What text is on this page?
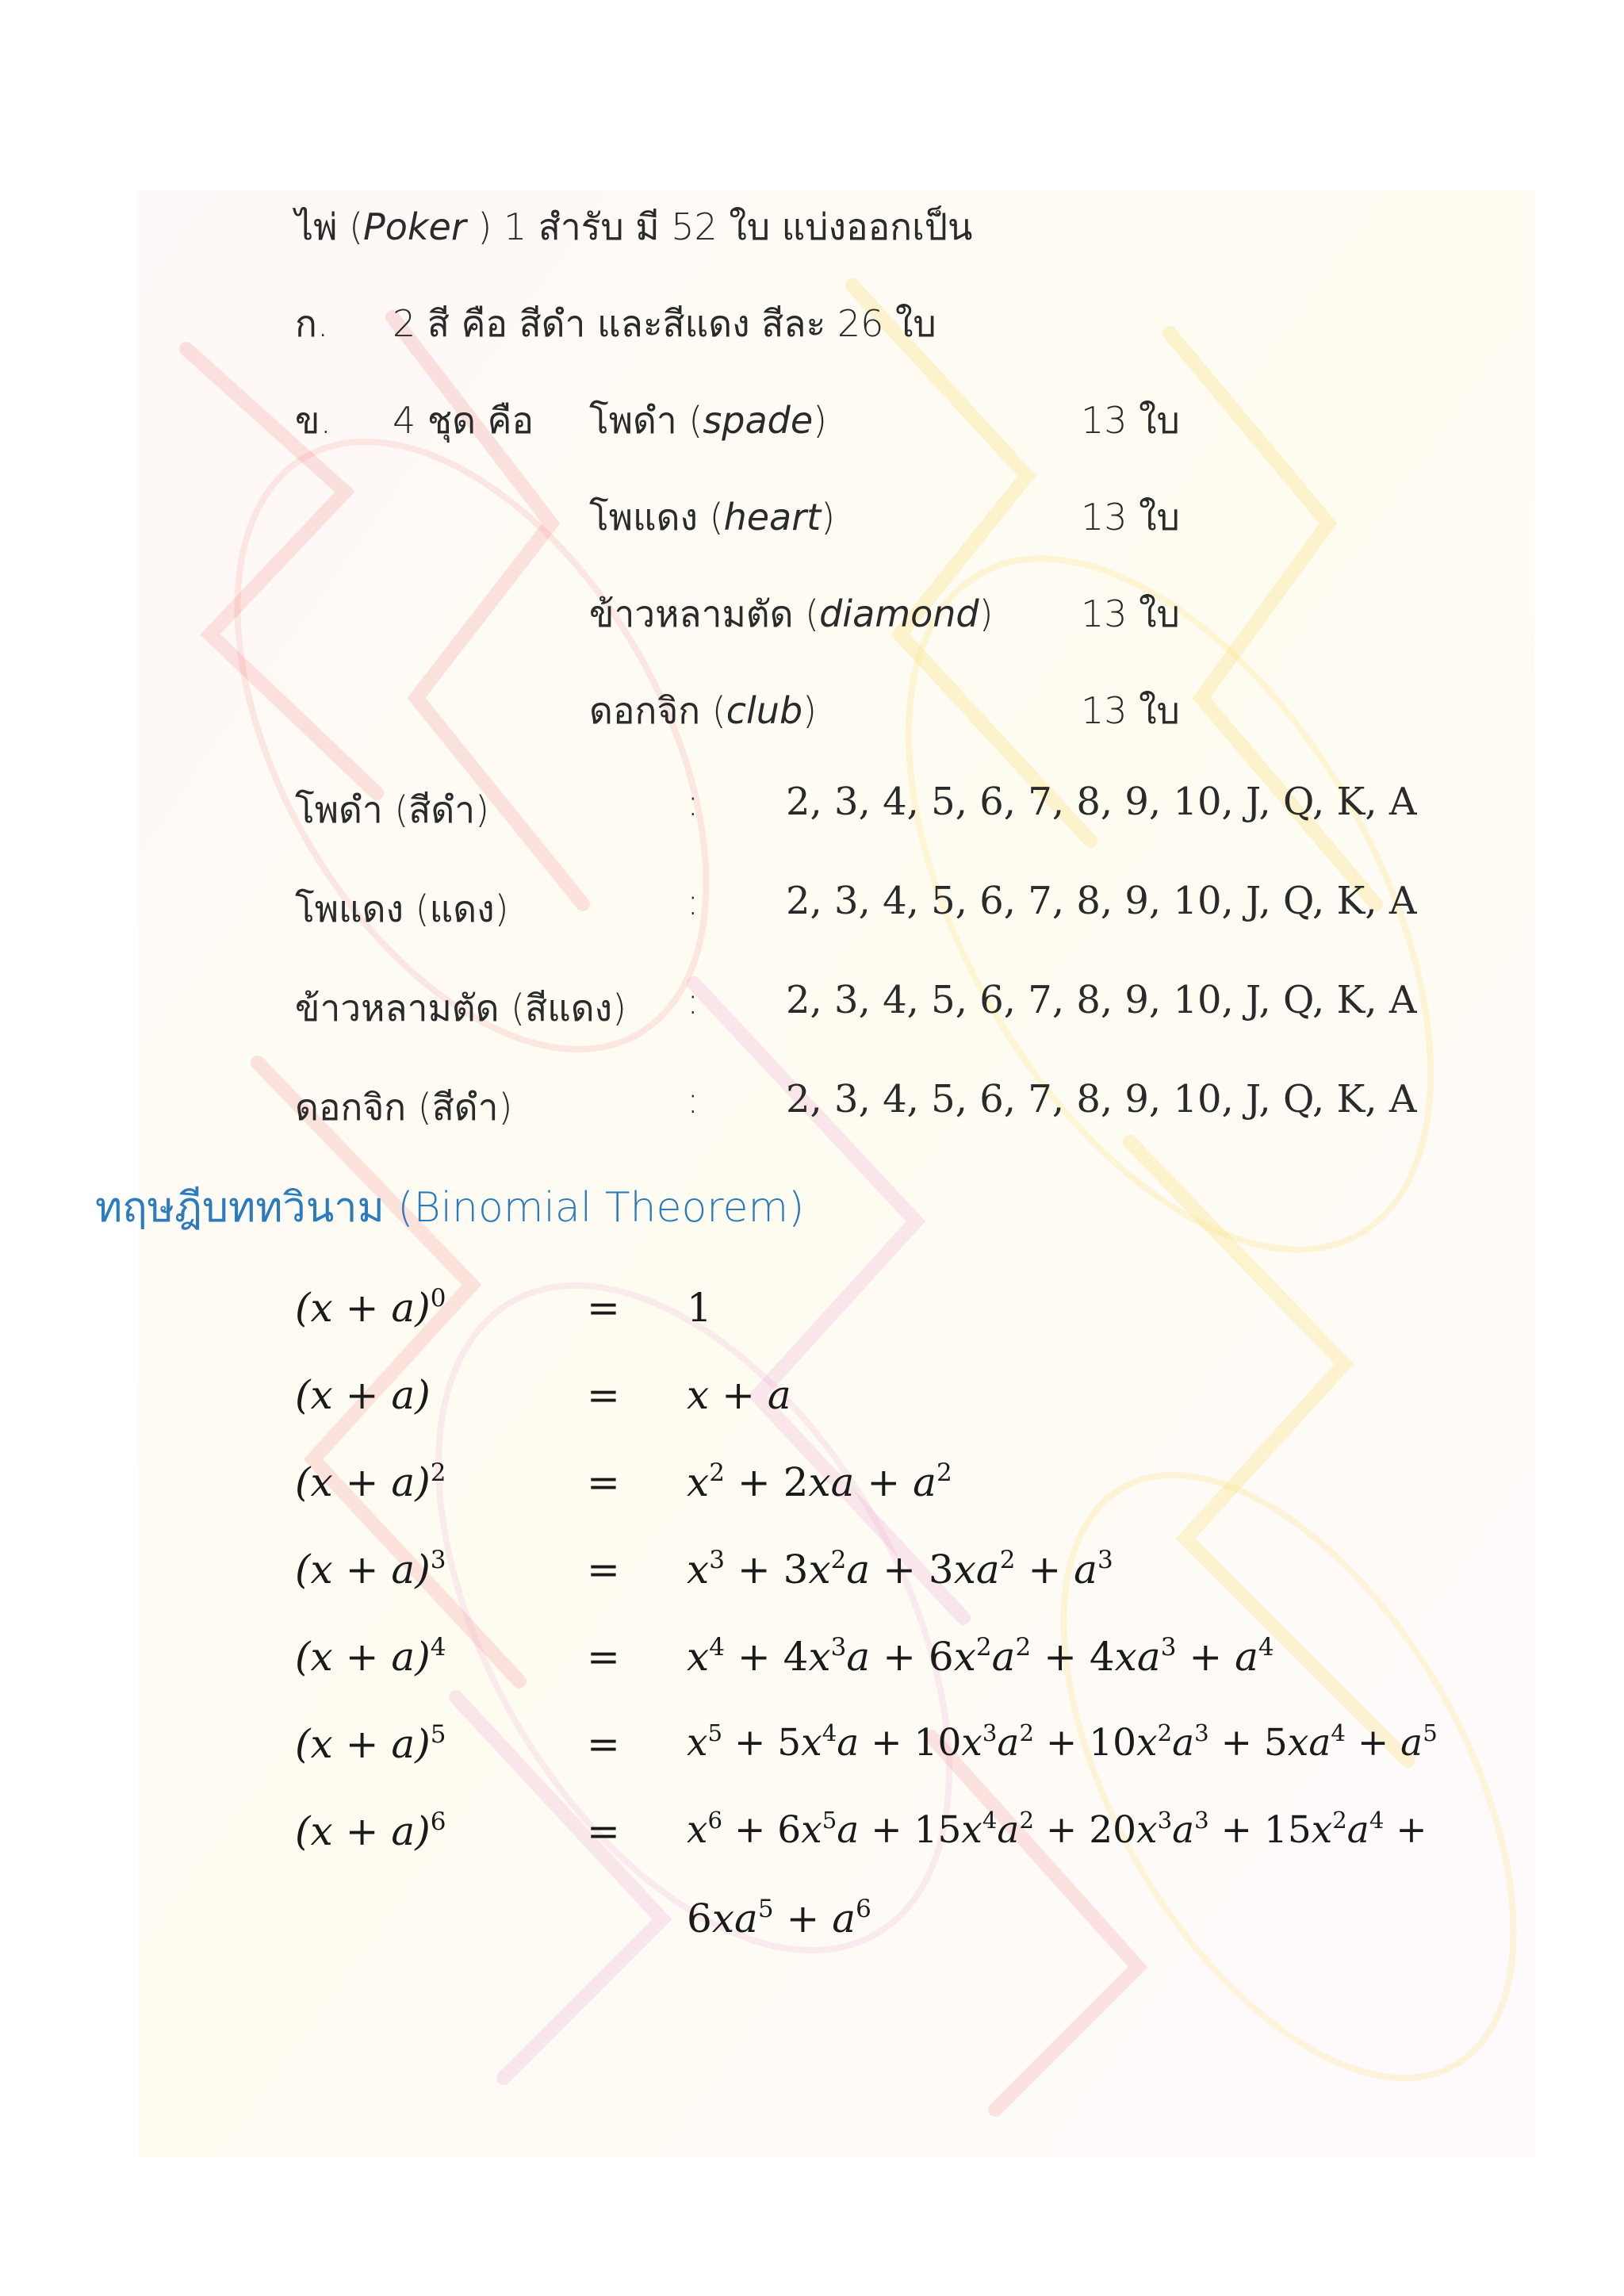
ไพ่ (Poker ) 1 สำรับ มี 52 ใบ แบ่งออกเป็น
ก. 2 สี คือ สีดำ และสีแดง สีละ 26 ใบ
ข. 4 ชุด คือ โพดำ (spade)	13 ใบ
โพแดง (heart)	13 ใบ
ข้าวหลามตัด (diamond) 13 ใบ
ดอกจิก (club)	13 ใบ
โพดำ (สีดำ)	: 2, 3, 4, 5, 6, 7, 8, 9, 10, J, Q, K, A
โพแดง (แดง)	: 2, 3, 4, 5, 6, 7, 8, 9, 10, J, Q, K, A
ข้าวหลามตัด (สีแดง) : 2, 3, 4, 5, 6, 7, 8, 9, 10, J, Q, K, A
ดอกจิก (สีดำ)	: 2, 3, 4, 5, 6, 7, 8, 9, 10, J, Q, K, A
ทฤษฎีบททวินาม (Binomial Theorem)
$(x + a)^0$	= 1
(x + a)	= x + a
$(x + a)^2$	= $x^2 + 2xa + a^2$
$(x + a)^3$	= $x^3 + 3x^2a + 3xa^2 + a^3$
$(x + a)^4$	= $x^4 + 4x^3a + 6x^2a^2 + 4xa^3 + a^4$
$(x + a)^5$	= $x^5 + 5x^4a + 10x^3a^2 + 10x^2a^3 + 5xa^4 + a^5$
$(x + a)^6$	= $x^6 + 6x^5a + 15x^4a^2 + 20x^3a^3 + 15x^2a^4$ +
$6xa^5 + a^6$
